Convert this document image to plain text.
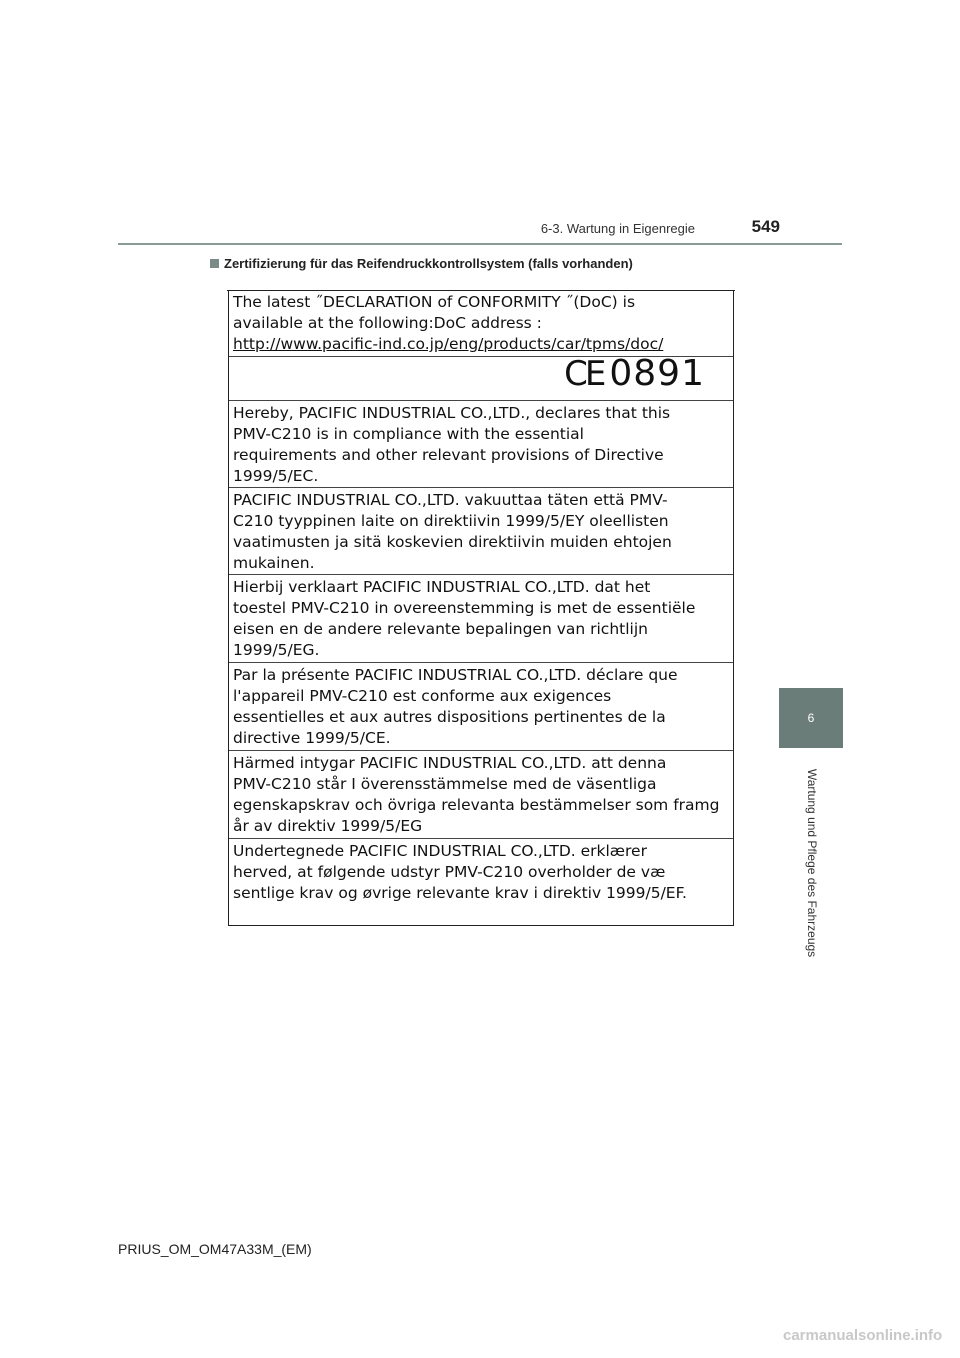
6-3. Wartung in Eigenregie	549
Zertifizierung für das Reifendruckkontrollsystem (falls vorhanden)
6
Wartung und Pflege des Fahrzeugs

The latest ˝DECLARATION of CONFORMITY ˝(DoC) is

available at the following:DoC address :

http://www.pacific-ind.co.jp/eng/products/car/tpms/doc/

CE 0891

Hereby, PACIFIC INDUSTRIAL CO.,LTD., declares that this

PMV-C210 is in compliance with the essential

requirements and other relevant provisions of Directive

1999/5/EC.

PACIFIC INDUSTRIAL CO.,LTD. vakuuttaa täten että PMV-

C210 tyyppinen laite on direktiivin 1999/5/EY oleellisten

vaatimusten ja sitä koskevien direktiivin muiden ehtojen

mukainen.

Hierbij verklaart PACIFIC INDUSTRIAL CO.,LTD. dat het

toestel PMV-C210 in overeenstemming is met de essentiële

eisen en de andere relevante bepalingen van richtlijn

1999/5/EG.

Par la présente PACIFIC INDUSTRIAL CO.,LTD. déclare que

l'appareil PMV-C210 est conforme aux exigences

essentielles et aux autres dispositions pertinentes de la

directive 1999/5/CE.

Härmed intygar PACIFIC INDUSTRIAL CO.,LTD. att denna

PMV-C210 står I överensstämmelse med de väsentliga

egenskapskrav och övriga relevanta bestämmelser som framg

år av direktiv 1999/5/EG

Undertegnede PACIFIC INDUSTRIAL CO.,LTD. erklærer

herved, at følgende udstyr PMV-C210 overholder de væ

sentlige krav og øvrige relevante krav i direktiv 1999/5/EF.

PRIUS_OM_OM47A33M_(EM)
carmanualsonline.info
